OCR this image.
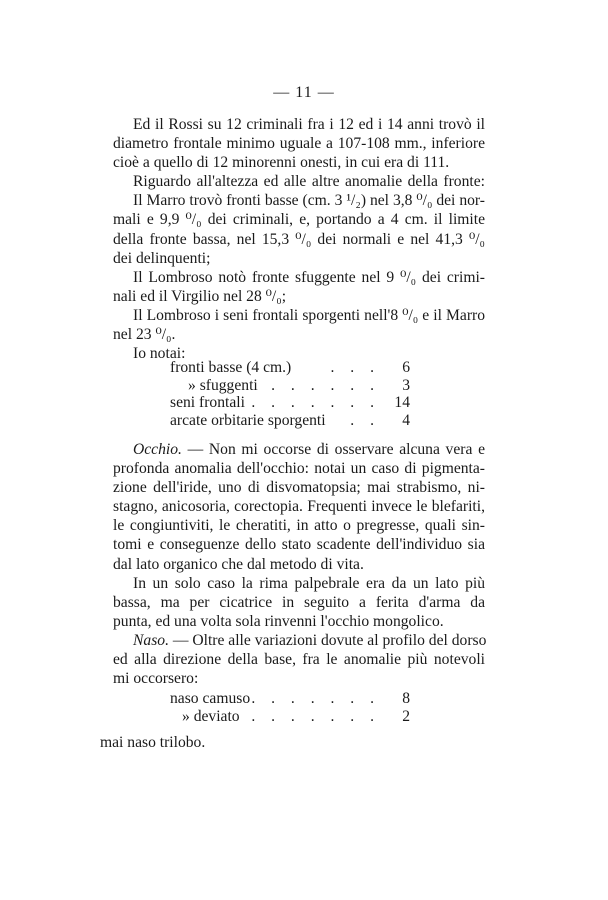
— 11 —
Ed il Rossi su 12 criminali fra i 12 ed i 14 anni trovò il
diametro frontale minimo uguale a 107-108 mm., inferiore
cioè a quello di 12 minorenni onesti, in cui era di 111.
Riguardo all'altezza ed alle altre anomalie della fronte:
Il Marro trovò fronti basse (cm. 3 ¹/₂) nel 3,8 ⁰/₀ dei nor-
mali e 9,9 ⁰/₀ dei criminali, e, portando a 4 cm. il limite
della fronte bassa, nel 15,3 ⁰/₀ dei normali e nel 41,3 ⁰/₀
dei delinquenti;
Il Lombroso notò fronte sfuggente nel 9 ⁰/₀ dei crimi-
nali ed il Virgilio nel 28 ⁰/₀;
Il Lombroso i seni frontali sporgenti nell'8 ⁰/₀ e il Marro
nel 23 ⁰/₀.
Io notai:
fronti basse (4 cm.)	. . .	6
» sfuggenti . . . . . .	3
seni frontali . . . . . . . 14
arcate orbitarie sporgenti	. .	4
Occhio. — Non mi occorse di osservare alcuna vera e
profonda anomalia dell'occhio: notai un caso di pigmenta-
zione dell'iride, uno di disvomatopsia; mai strabismo, ni-
stagno, anicosoria, corectopia. Frequenti invece le blefariti,
le congiuntiviti, le cheratiti, in atto o pregresse, quali sin-
tomi e conseguenze dello stato scadente dell'individuo sia
dal lato organico che dal metodo di vita.
In un solo caso la rima palpebrale era da un lato più
bassa, ma per cicatrice in seguito a ferita d'arma da
punta, ed una volta sola rinvenni l'occhio mongolico.
Naso. — Oltre alle variazioni dovute al profilo del dorso
ed alla direzione della base, fra le anomalie più notevoli
mi occorsero:
naso camuso . . . . . . .	8
» deviato . . . . . . .	2
mai naso trilobo.
